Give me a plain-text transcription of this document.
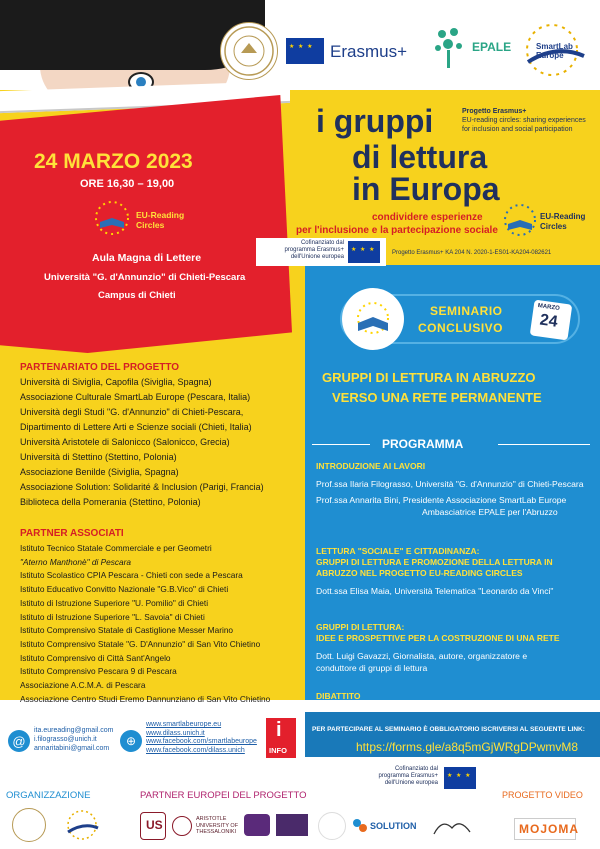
★ ★ ★
Erasmus+	EPALE	SmartLab Europe
24 MARZO 2023
ORE 16,30 – 19,00
EU-Reading Circles
Aula Magna di Lettere
Università "G. d'Annunzio" di Chieti-Pescara
Campus di Chieti
i gruppi
di lettura
in Europa
Progetto Erasmus+
EU-reading circles: sharing experiences
for inclusion and social participation
condividere esperienze
per l'inclusione e la partecipazione sociale
EU-Reading Circles
Cofinanziato dal
programma Erasmus+
dell'Unione europea
★ ★ ★
Progetto Erasmus+ KA 204 N. 2020-1-ES01-KA204-082621
SEMINARIO
CONCLUSIVO
MARZO
24
GRUPPI DI LETTURA IN ABRUZZO
VERSO UNA RETE PERMANENTE
PARTENARIATO DEL PROGETTO
Università di Siviglia, Capofila (Siviglia, Spagna)
Associazione Culturale SmartLab Europe (Pescara, Italia)
Università degli Studi "G. d'Annunzio" di Chieti-Pescara,
Dipartimento di Lettere Arti e Scienze sociali (Chieti, Italia)
Università Aristotele di Salonicco (Salonicco, Grecia)
Università di Stettino (Stettino, Polonia)
Associazione Benilde (Siviglia, Spagna)
Associazione Solution: Solidarité & Inclusion (Parigi, Francia)
Biblioteca della Pomerania (Stettino, Polonia)
PARTNER ASSOCIATI
Istituto Tecnico Statale Commerciale e per Geometri
"Aterno Manthonè" di Pescara
Istituto Scolastico CPIA Pescara - Chieti con sede a Pescara
Istituto Educativo Convitto Nazionale "G.B.Vico" di Chieti
Istituto di Istruzione Superiore "U. Pomilio" di Chieti
Istituto di Istruzione Superiore "L. Savoia" di Chieti
Istituto Comprensivo Statale di Castiglione Messer Marino
Istituto Comprensivo Statale "G. D'Annunzio" di San Vito Chietino
Istituto Comprensivo di Città Sant'Angelo
Istituto Comprensivo Pescara 9 di Pescara
Associazione A.C.M.A. di Pescara
Associazione Centro Studi Eremo Dannunziano di San Vito Chietino
PROGRAMMA
INTRODUZIONE AI LAVORI
Prof.ssa Ilaria Filograsso, Università "G. d'Annunzio" di Chieti-Pescara
Prof.ssa Annarita Bini, Presidente Associazione SmartLab Europe
Ambasciatrice EPALE per l'Abruzzo
LETTURA "SOCIALE" E CITTADINANZA:
GRUPPI DI LETTURA E PROMOZIONE DELLA LETTURA IN
ABRUZZO NEL PROGETTO EU-READING CIRCLES
Dott.ssa Elisa Maia, Università Telematica "Leonardo da Vinci"
GRUPPI DI LETTURA:
IDEE E PROSPETTIVE PER LA COSTRUZIONE DI UNA RETE
Dott. Luigi Gavazzi, Giornalista, autore, organizzatore e
conduttore di gruppi di lettura
DIBATTITO
@
ita.eureading@gmail.com
i.filograsso@unich.it
annaritabini@gmail.com
⊕
www.smartlabeurope.eu
www.dilass.unich.it
www.facebook.com/smartlabeurope
www.facebook.com/dilass.unich
i
INFO
PER PARTECIPARE AL SEMINARIO È OBBLIGATORIO ISCRIVERSI AL SEGUENTE LINK:
https://forms.gle/a8q5mGjWRgDPwmvM8
ORGANIZZAZIONE	PARTNER EUROPEI DEL PROGETTO	PROGETTO VIDEO
Cofinanziato dal
programma Erasmus+
dell'Unione europea
★ ★ ★
US	ARISTOTLE
UNIVERSITY OF
THESSALONIKI
SOLUTION	MOJOMA
